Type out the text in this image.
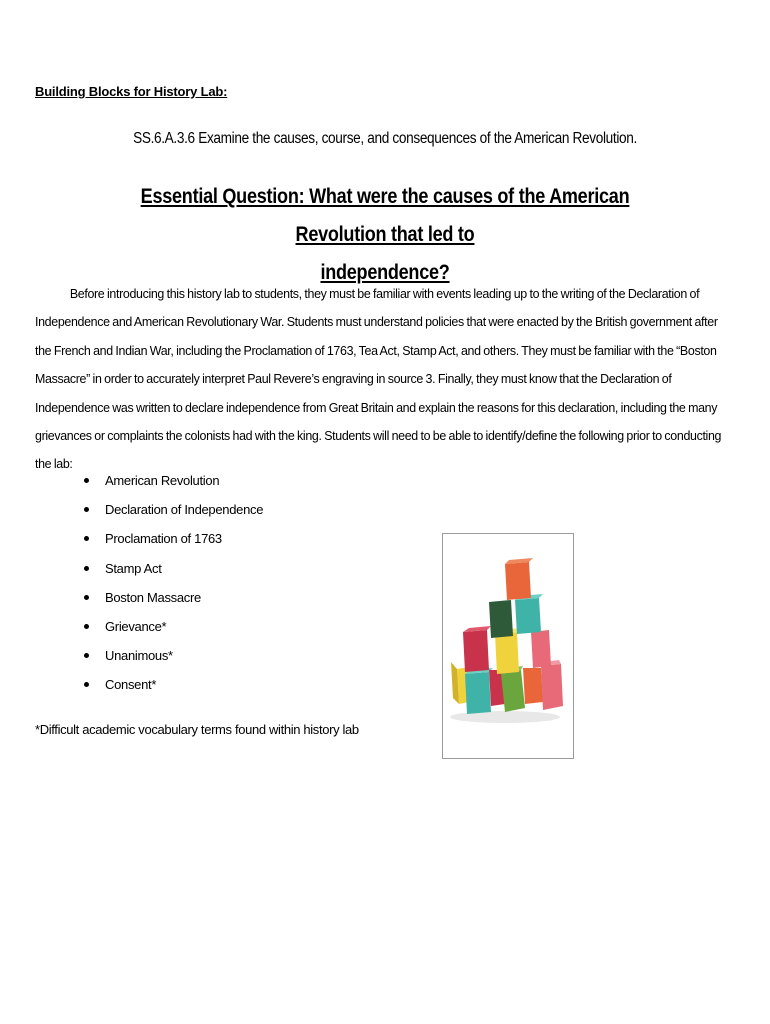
Building Blocks for History Lab:
SS.6.A.3.6 Examine the causes, course, and consequences of the American Revolution.
Essential Question: What were the causes of the American Revolution that led to
independence?
Before introducing this history lab to students, they must be familiar with events leading up to the writing of the Declaration of Independence and American Revolutionary War. Students must understand policies that were enacted by the British government after the French and Indian War, including the Proclamation of 1763, Tea Act, Stamp Act, and others. They must be familiar with the “Boston Massacre” in order to accurately interpret Paul Revere’s engraving in source 3. Finally, they must know that the Declaration of Independence was written to declare independence from Great Britain and explain the reasons for this declaration, including the many grievances or complaints the colonists had with the king. Students will need to be able to identify/define the following prior to conducting the lab:
American Revolution
Declaration of Independence
Proclamation of 1763
Stamp Act
Boston Massacre
Grievance*
Unanimous*
Consent*
*Difficult academic vocabulary terms found within history lab
